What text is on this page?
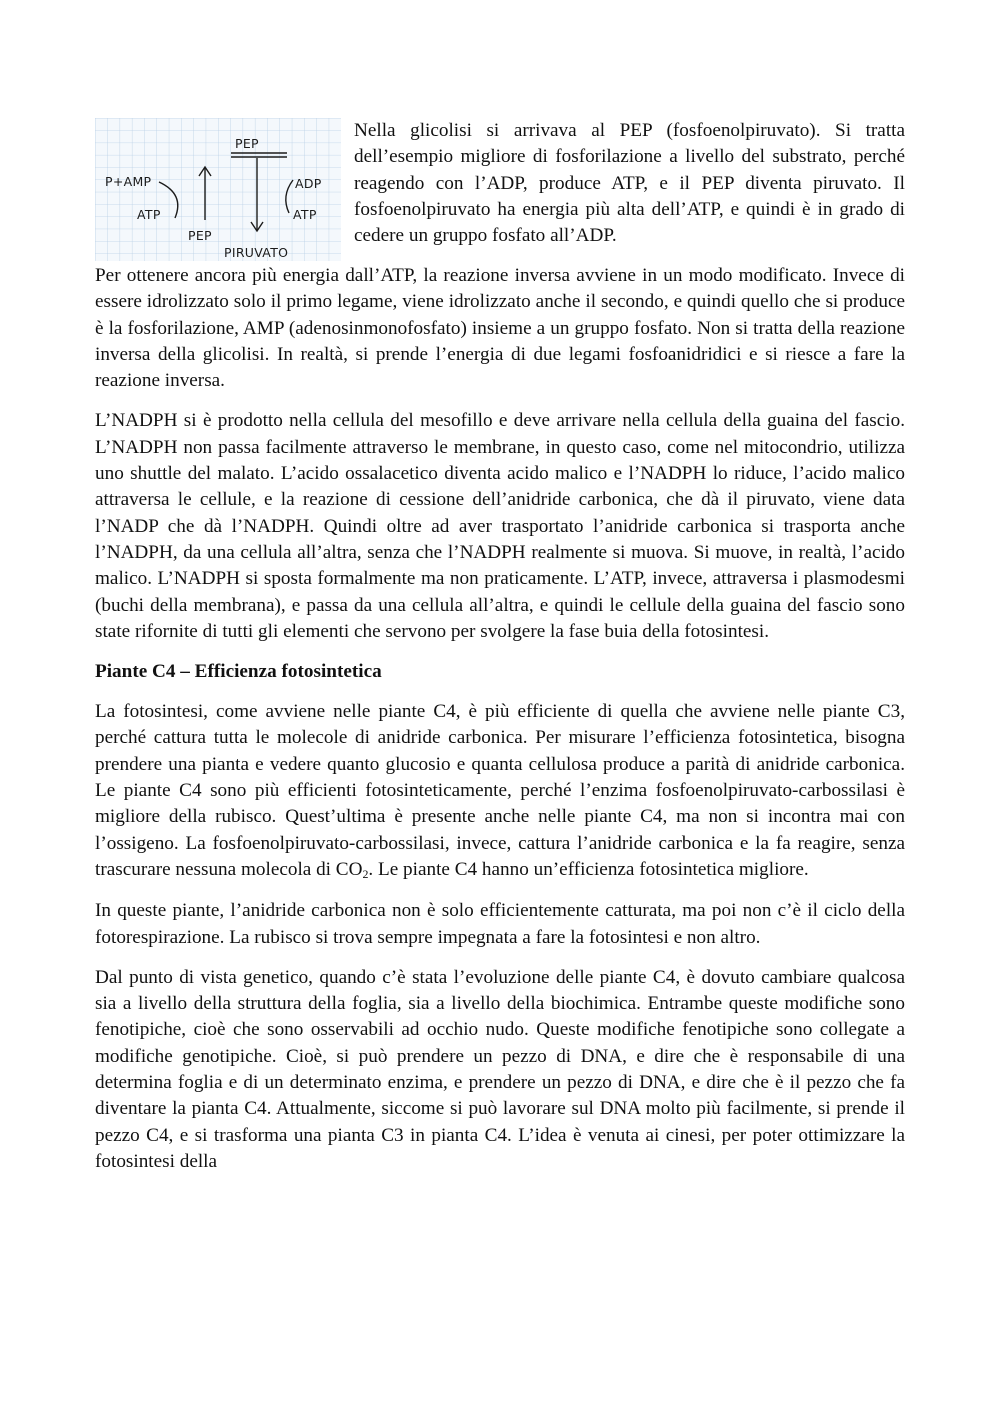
PEP
P+AMP
ATP
PEP
ADP
ATP
PIRUVATO

Nella glicolisi si arrivava al PEP (fosfoenolpiruvato). Si tratta dell’esempio migliore di fosforilazione a livello del substrato, perché reagendo con l’ADP, produce ATP, e il PEP diventa piruvato. Il fosfoenolpiruvato ha energia più alta dell’ATP, e quindi è in grado di cedere un gruppo fosfato all’ADP.

Per ottenere ancora più energia dall’ATP, la reazione inversa avviene in un modo modificato. Invece di essere idrolizzato solo il primo legame, viene idrolizzato anche il secondo, e quindi quello che si produce è la fosforilazione, AMP (adenosinmonofosfato) insieme a un gruppo fosfato. Non si tratta della reazione inversa della glicolisi. In realtà, si prende l’energia di due legami fosfoanidridici e si riesce a fare la reazione inversa.

L’NADPH si è prodotto nella cellula del mesofillo e deve arrivare nella cellula della guaina del fascio. L’NADPH non passa facilmente attraverso le membrane, in questo caso, come nel mitocondrio, utilizza uno shuttle del malato. L’acido ossalacetico diventa acido malico e l’NADPH lo riduce, l’acido malico attraversa le cellule, e la reazione di cessione dell’anidride carbonica, che dà il piruvato, viene data l’NADP che dà l’NADPH. Quindi oltre ad aver trasportato l’anidride carbonica si trasporta anche l’NADPH, da una cellula all’altra, senza che l’NADPH realmente si muova. Si muove, in realtà, l’acido malico. L’NADPH si sposta formalmente ma non praticamente. L’ATP, invece, attraversa i plasmodesmi (buchi della membrana), e passa da una cellula all’altra, e quindi le cellule della guaina del fascio sono state rifornite di tutti gli elementi che servono per svolgere la fase buia della fotosintesi.

Piante C4 – Efficienza fotosintetica

La fotosintesi, come avviene nelle piante C4, è più efficiente di quella che avviene nelle piante C3, perché cattura tutta le molecole di anidride carbonica. Per misurare l’efficienza fotosintetica, bisogna prendere una pianta e vedere quanto glucosio e quanta cellulosa produce a parità di anidride carbonica. Le piante C4 sono più efficienti fotosinteticamente, perché l’enzima fosfoenolpiruvato-carbossilasi è migliore della rubisco. Quest’ultima è presente anche nelle piante C4, ma non si incontra mai con l’ossigeno. La fosfoenolpiruvato-carbossilasi, invece, cattura l’anidride carbonica e la fa reagire, senza trascurare nessuna molecola di $CO_2$. Le piante C4 hanno un’efficienza fotosintetica migliore.

In queste piante, l’anidride carbonica non è solo efficientemente catturata, ma poi non c’è il ciclo della fotorespirazione. La rubisco si trova sempre impegnata a fare la fotosintesi e non altro.

Dal punto di vista genetico, quando c’è stata l’evoluzione delle piante C4, è dovuto cambiare qualcosa sia a livello della struttura della foglia, sia a livello della biochimica. Entrambe queste modifiche sono fenotipiche, cioè che sono osservabili ad occhio nudo. Queste modifiche fenotipiche sono collegate a modifiche genotipiche. Cioè, si può prendere un pezzo di DNA, e dire che è responsabile di una determina foglia e di un determinato enzima, e prendere un pezzo di DNA, e dire che è il pezzo che fa diventare la pianta C4. Attualmente, siccome si può lavorare sul DNA molto più facilmente, si prende il pezzo C4, e si trasforma una pianta C3 in pianta C4. L’idea è venuta ai cinesi, per poter ottimizzare la fotosintesi della
